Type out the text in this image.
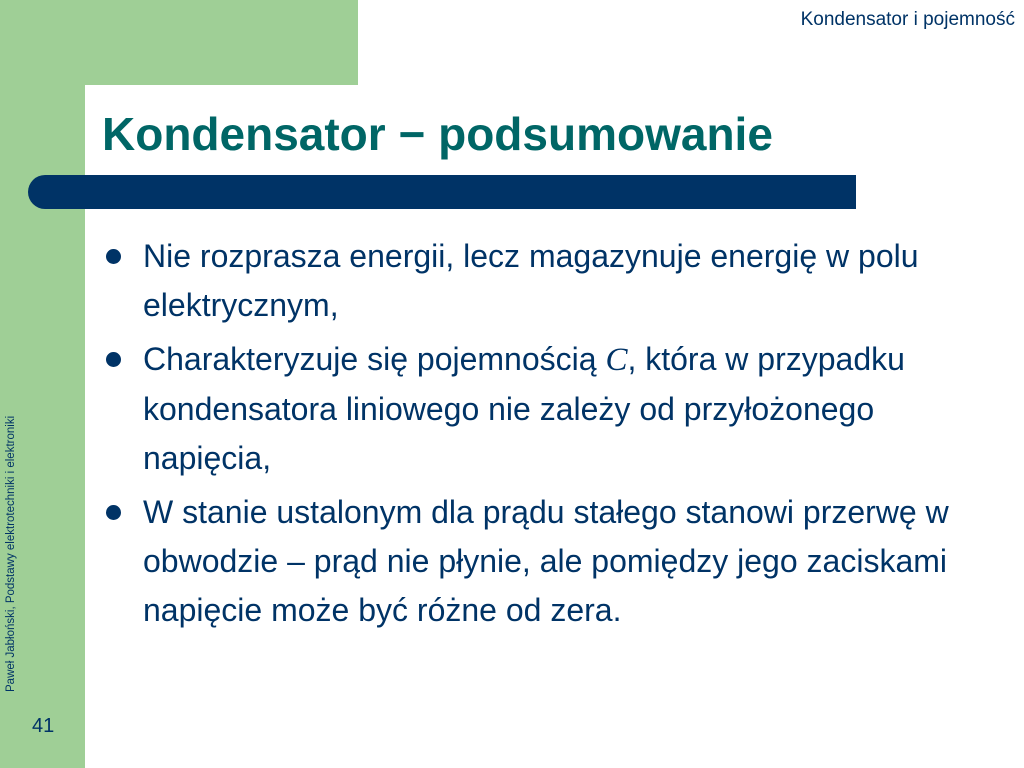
Kondensator i pojemność
Kondensator − podsumowanie
Nie rozprasza energii, lecz magazynuje energię w polu elektrycznym,
Charakteryzuje się pojemnością C, która w przypadku kondensatora liniowego nie zależy od przyłożonego napięcia,
W stanie ustalonym dla prądu stałego stanowi przerwę w obwodzie – prąd nie płynie, ale pomiędzy jego zaciskami napięcie może być różne od zera.
Paweł Jabłoński, Podstawy elektrotechniki i elektroniki
41
